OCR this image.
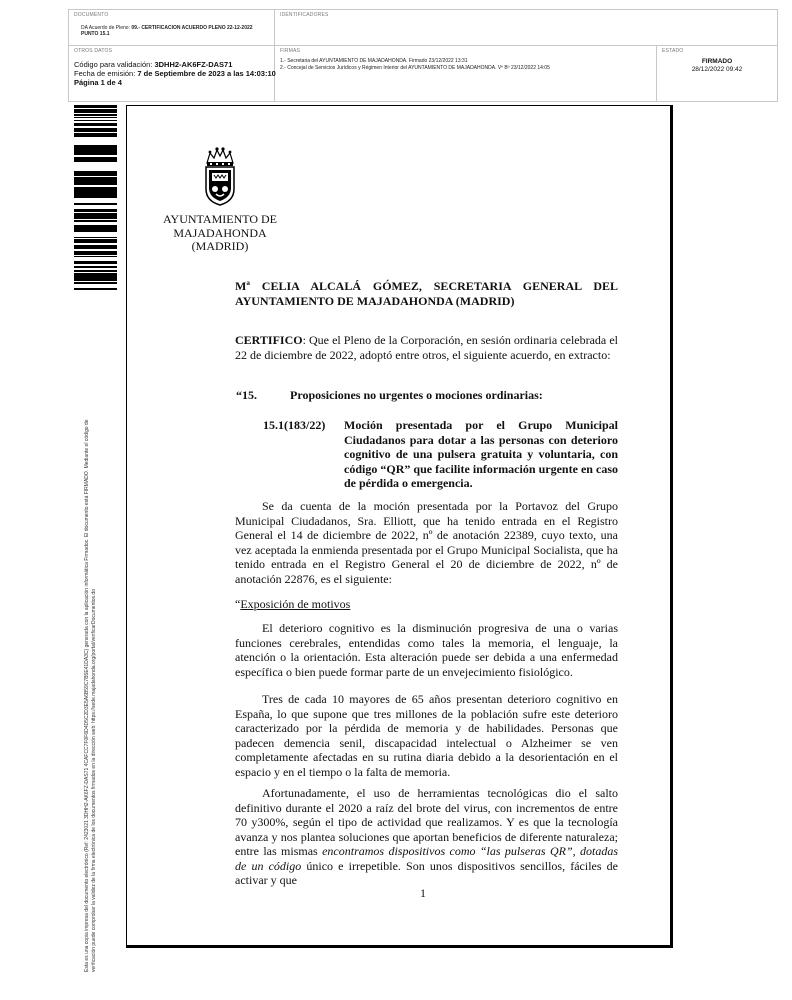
DOCUMENTO
DA Acuerdo de Pleno: 09.- CERTIFICACION ACUERDO PLENO 22-12-2022
PUNTO 15.1
IDENTIFICADORES
OTROS DATOS
Código para validación: 3DHH2-AK6FZ-DAS71
Fecha de emisión: 7 de Septiembre de 2023 a las 14:03:10
Página 1 de 4
FIRMAS
1.- Secretaria del AYUNTAMIENTO DE MAJADAHONDA. Firmado 23/12/2022 13:31
2.- Concejal de Servicios Jurídicos y Régimen Interior del AYUNTAMIENTO DE MAJADAHONDA. Vº Bº 23/12/2022 14:05
ESTADO
FIRMADO
28/12/2022 09:42
Esta es una copia impresa del documento electrónico (Ref: 2423021 3DHH2-AK6FZ-DAS71 4CAFCC7F0F6D4D5C2D3E5A6B59C7B5E41DA3C) generada con la aplicación informática Firmadoc. El documento está FIRMADO. Mediante el código de verificación puede comprobar la validez de la firma electrónica de los documentos firmados en la dirección web: https://sede.majadahonda.org/portal/verificarDocumentos.do
AYUNTAMIENTO DE
MAJADAHONDA
(MADRID)
Mª CELIA ALCALÁ GÓMEZ, SECRETARIA GENERAL DEL AYUNTAMIENTO DE MAJADAHONDA (MADRID)
CERTIFICO: Que el Pleno de la Corporación, en sesión ordinaria celebrada el 22 de diciembre de 2022, adoptó entre otros, el siguiente acuerdo, en extracto:
“15.	Proposiciones no urgentes o mociones ordinarias:
15.1(183/22) Moción presentada por el Grupo Municipal Ciudadanos para dotar a las personas con deterioro cognitivo de una pulsera gratuita y voluntaria, con código “QR” que facilite información urgente en caso de pérdida o emergencia.
Se da cuenta de la moción presentada por la Portavoz del Grupo Municipal Ciudadanos, Sra. Elliott, que ha tenido entrada en el Registro General el 14 de diciembre de 2022, nº de anotación 22389, cuyo texto, una vez aceptada la enmienda presentada por el Grupo Municipal Socialista, que ha tenido entrada en el Registro General el 20 de diciembre de 2022, nº de anotación 22876, es el siguiente:
“Exposición de motivos
El deterioro cognitivo es la disminución progresiva de una o varias funciones cerebrales, entendidas como tales la memoria, el lenguaje, la atención o la orientación. Esta alteración puede ser debida a una enfermedad específica o bien puede formar parte de un envejecimiento fisiológico.
Tres de cada 10 mayores de 65 años presentan deterioro cognitivo en España, lo que supone que tres millones de la población sufre este deterioro caracterizado por la pérdida de memoria y de habilidades. Personas que padecen demencia senil, discapacidad intelectual o Alzheimer se ven completamente afectadas en su rutina diaria debido a la desorientación en el espacio y en el tiempo o la falta de memoria.
Afortunadamente, el uso de herramientas tecnológicas dio el salto definitivo durante el 2020 a raíz del brote del virus, con incrementos de entre 70 y300%, según el tipo de actividad que realizamos. Y es que la tecnología avanza y nos plantea soluciones que aportan beneficios de diferente naturaleza; entre las mismas encontramos dispositivos como “las pulseras QR”, dotadas de un código único e irrepetible. Son unos dispositivos sencillos, fáciles de activar y que
1
